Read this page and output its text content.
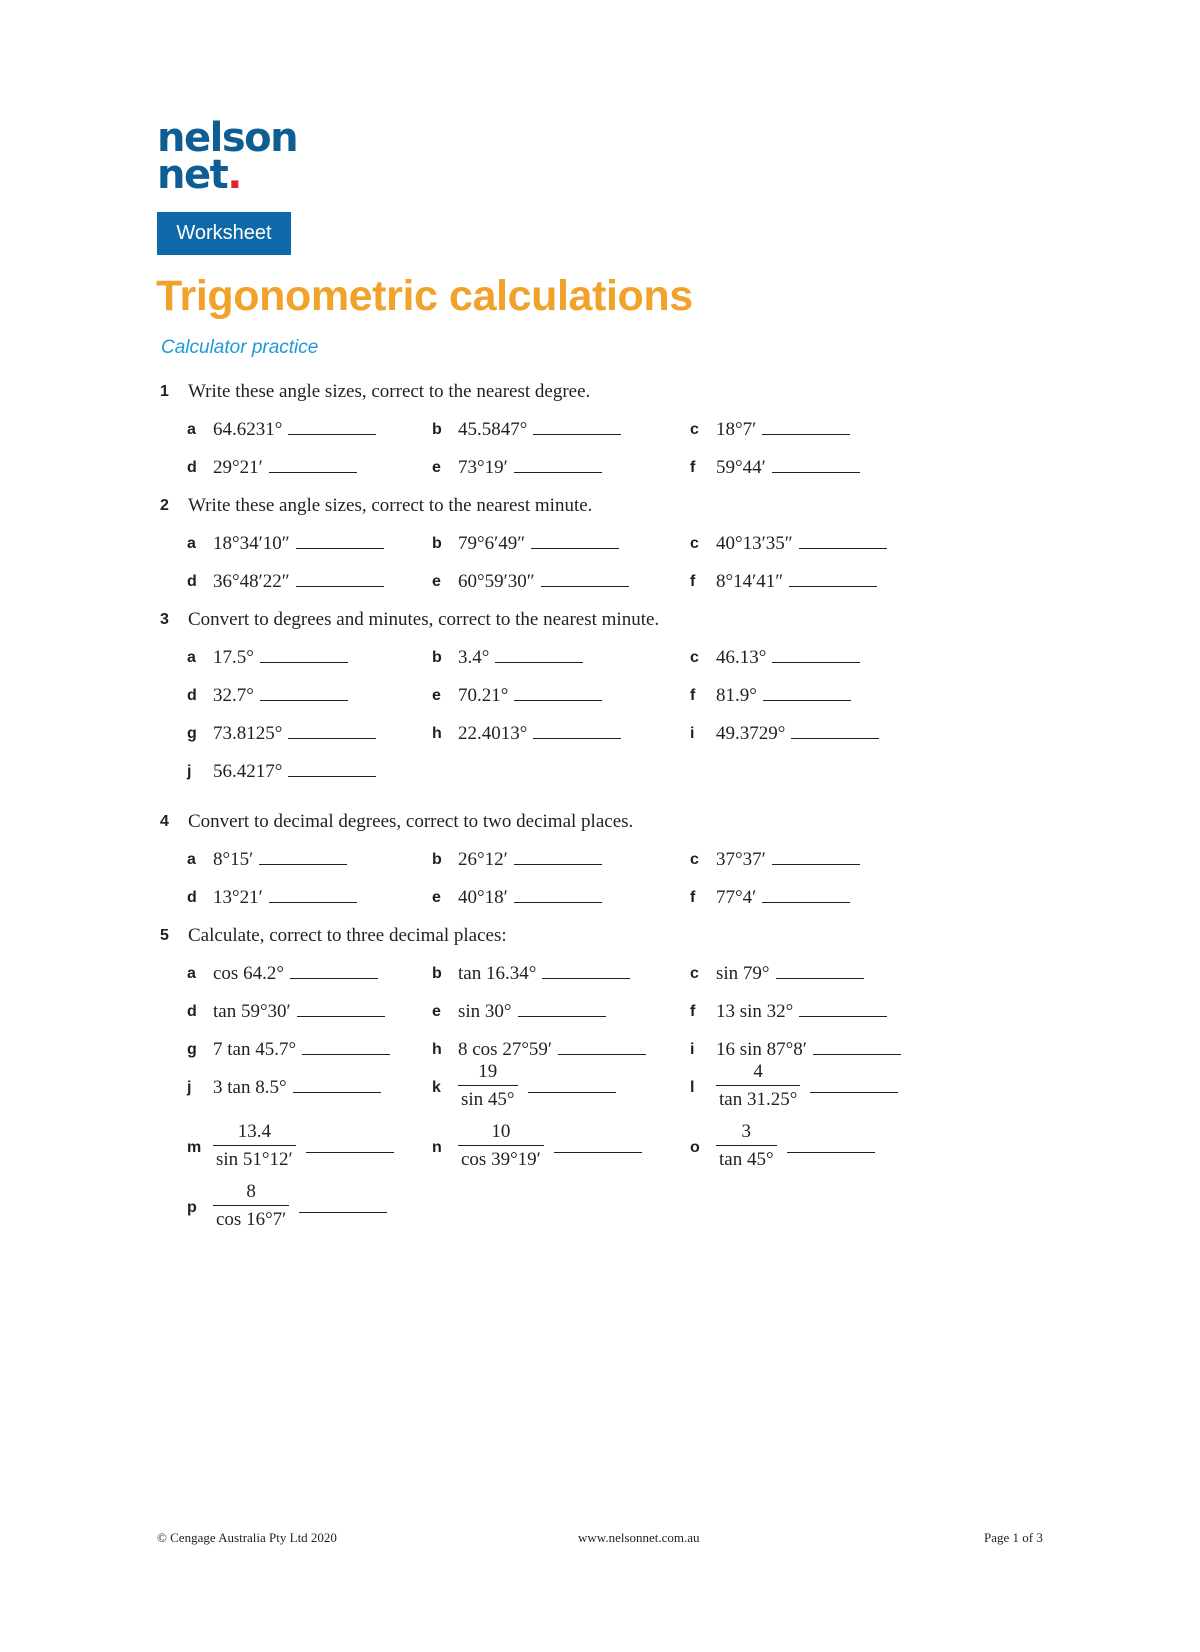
nelson
net.
Worksheet
Trigonometric calculations
Calculator practice
1 Write these angle sizes, correct to the nearest degree.
a 64.6231°	b 45.5847°	c 18°7′
d 29°21′	e 73°19′	f 59°44′
2 Write these angle sizes, correct to the nearest minute.
a 18°34′10″	b 79°6′49″	c 40°13′35″
d 36°48′22″	e 60°59′30″	f 8°14′41″
3 Convert to degrees and minutes, correct to the nearest minute.
a 17.5°	b 3.4°	c 46.13°
d 32.7°	e 70.21°	f 81.9°
g 73.8125°	h 22.4013°	i 49.3729°
j 56.4217°
4 Convert to decimal degrees, correct to two decimal places.
a 8°15′	b 26°12′	c 37°37′
d 13°21′	e 40°18′	f 77°4′
5 Calculate, correct to three decimal places:
a cos 64.2°	b tan 16.34°	c sin 79°
d tan 59°30′	e sin 30°	f 13 sin 32°
g 7 tan 45.7°	h 8 cos 27°59′	i 16 sin 87°8′
j 3 tan 8.5°	k $\frac{19}{\sin 45^\circ}$	l $\frac{4}{\tan 31.25^\circ}$
m $\frac{13.4}{\sin 51^\circ 12'}$	n $\frac{10}{\cos 39^\circ 19'}$	o $\frac{3}{\tan 45^\circ}$
p $\frac{8}{\cos 16^\circ 7'}$
© Cengage Australia Pty Ltd 2020	www.nelsonnet.com.au	Page 1 of 3
